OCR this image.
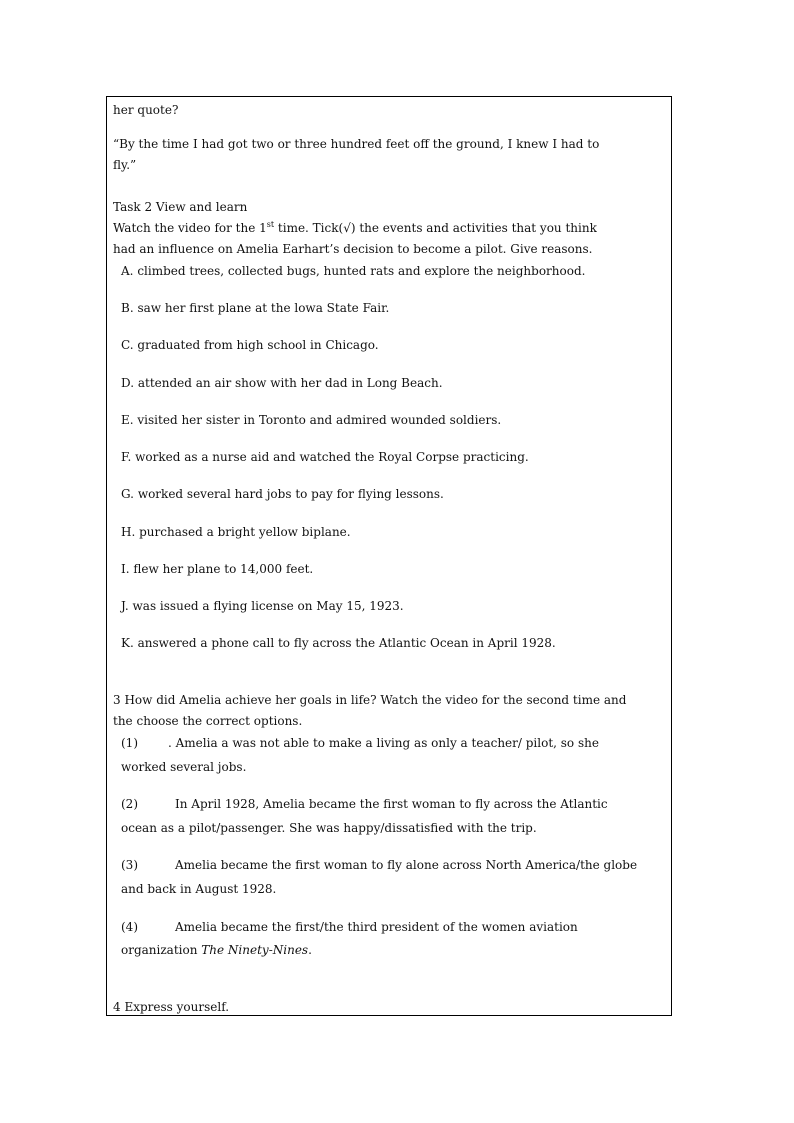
her quote?

“By the time I had got two or three hundred feet off the ground, I knew I had to

fly.”

Task 2 View and learn

Watch the video for the 1st time. Tick(√) the events and activities that you think

had an influence on Amelia Earhart’s decision to become a pilot. Give reasons.

A. climbed trees, collected bugs, hunted rats and explore the neighborhood.

B. saw her first plane at the lowa State Fair.

C. graduated from high school in Chicago.

D. attended an air show with her dad in Long Beach.

E. visited her sister in Toronto and admired wounded soldiers.

F. worked as a nurse aid and watched the Royal Corpse practicing.

G. worked several hard jobs to pay for flying lessons.

H. purchased a bright yellow biplane.

I. flew her plane to 14,000 feet.

J. was issued a flying license on May 15, 1923.

K. answered a phone call to fly across the Atlantic Ocean in April 1928.

3 How did Amelia achieve her goals in life? Watch the video for the second time and

the choose the correct options.

(1)	. Amelia a was not able to make a living as only a teacher/ pilot, so she

worked several jobs.

(2)	In April 1928, Amelia became the first woman to fly across the Atlantic

ocean as a pilot/passenger. She was happy/dissatisfied with the trip.

(3)	Amelia became the first woman to fly alone across North America/the globe

and back in August 1928.

(4)	Amelia became the first/the third president of the women aviation

organization The Ninety-Nines.

4 Express yourself.
